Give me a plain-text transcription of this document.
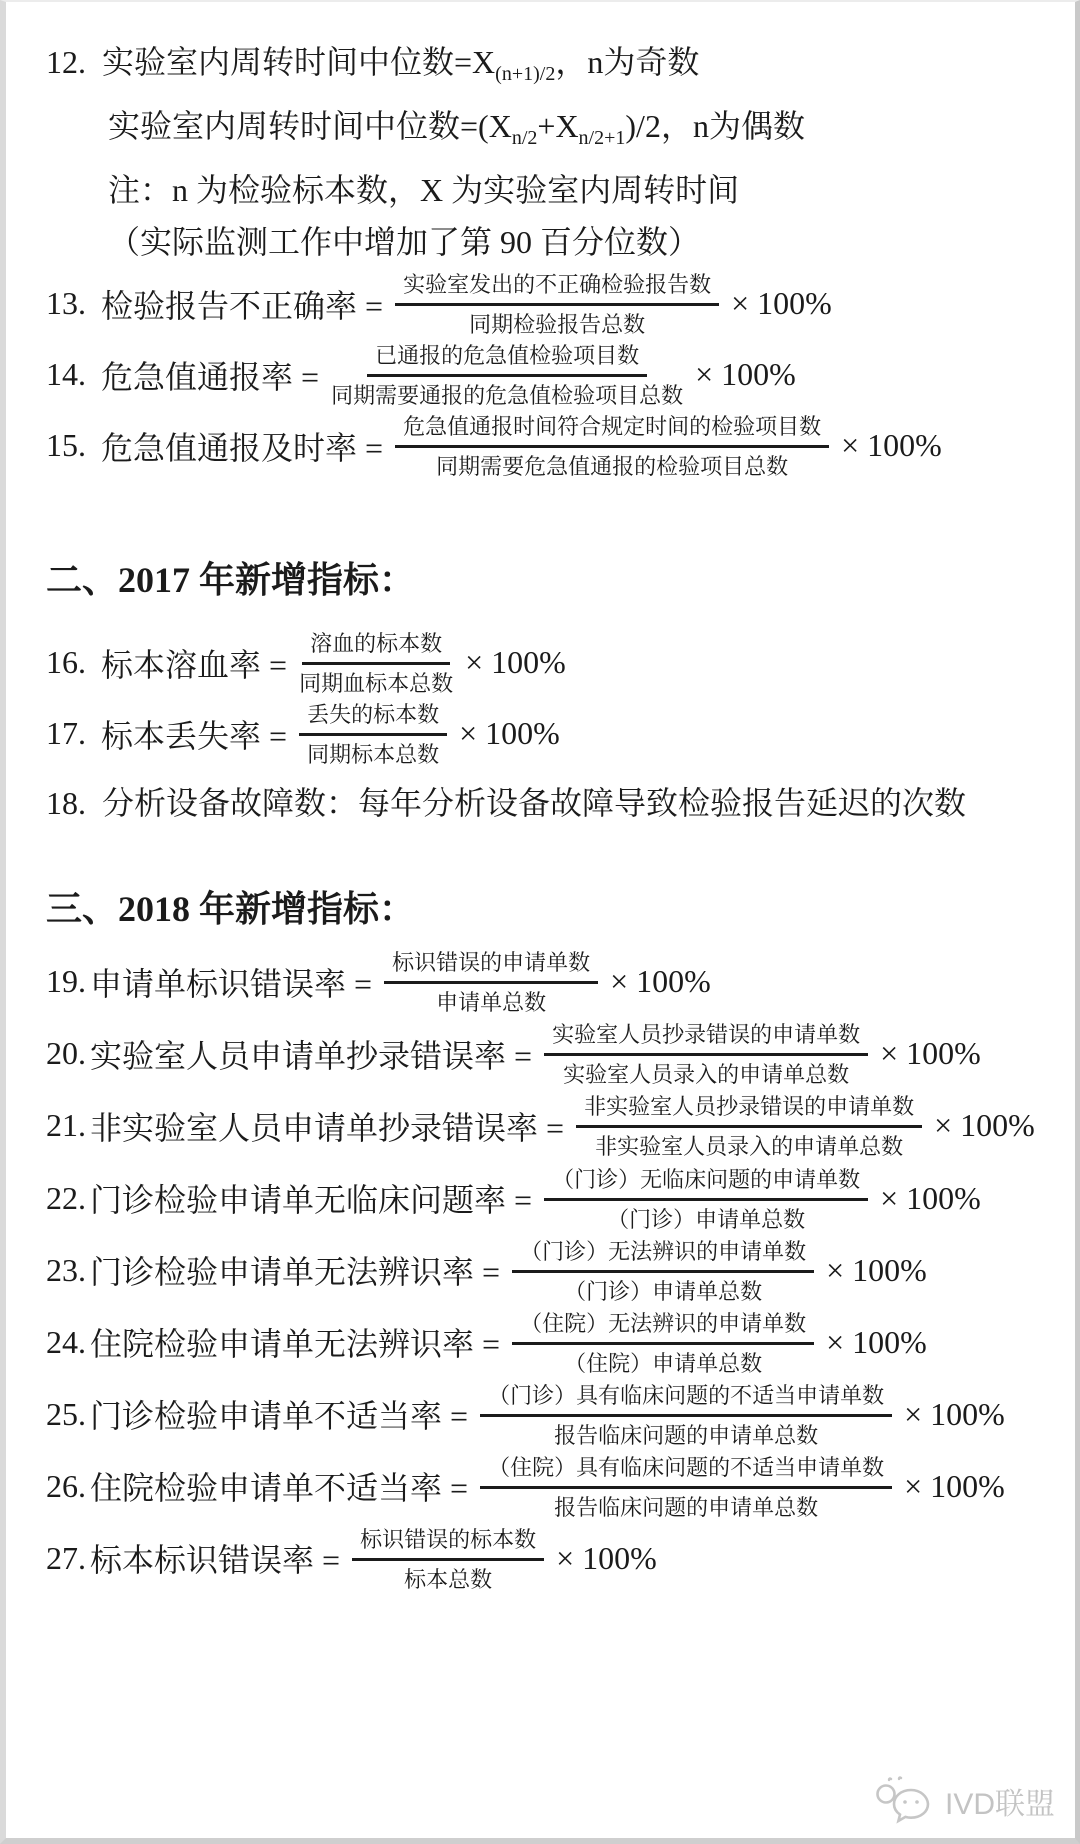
12. 实验室内周转时间中位数$=X_{(n+1)/2}$，n为奇数
实验室内周转时间中位数$=(X_{n/2}+X_{n/2+1})/2$，n为偶数
注：n 为检验标本数，X 为实验室内周转时间
（实际监测工作中增加了第 90 百分位数）
13. 检验报告不正确率 = $\frac{\text{实验室发出的不正确检验报告数}}{\text{同期检验报告总数}} \times 100\%$
14. 危急值通报率 = $\frac{\text{已通报的危急值检验项目数}}{\text{同期需要通报的危急值检验项目总数}} \times 100\%$
15. 危急值通报及时率 = $\frac{\text{危急值通报时间符合规定时间的检验项目数}}{\text{同期需要危急值通报的检验项目总数}} \times 100\%$
二、2017 年新增指标：
16. 标本溶血率 = $\frac{\text{溶血的标本数}}{\text{同期血标本总数}} \times 100\%$
17. 标本丢失率 = $\frac{\text{丢失的标本数}}{\text{同期标本总数}} \times 100\%$
18. 分析设备故障数：每年分析设备故障导致检验报告延迟的次数
三、2018 年新增指标：
19. 申请单标识错误率 = $\frac{\text{标识错误的申请单数}}{\text{申请单总数}} \times 100\%$
20. 实验室人员申请单抄录错误率 = $\frac{\text{实验室人员抄录错误的申请单数}}{\text{实验室人员录入的申请单总数}} \times 100\%$
21. 非实验室人员申请单抄录错误率 = $\frac{\text{非实验室人员抄录错误的申请单数}}{\text{非实验室人员录入的申请单总数}} \times 100\%$
22. 门诊检验申请单无临床问题率 = $\frac{\text{（门诊）无临床问题的申请单数}}{\text{（门诊）申请单总数}} \times 100\%$
23. 门诊检验申请单无法辨识率 = $\frac{\text{（门诊）无法辨识的申请单数}}{\text{（门诊）申请单总数}} \times 100\%$
24. 住院检验申请单无法辨识率 = $\frac{\text{（住院）无法辨识的申请单数}}{\text{（住院）申请单总数}} \times 100\%$
25. 门诊检验申请单不适当率 = $\frac{\text{（门诊）具有临床问题的不适当申请单数}}{\text{报告临床问题的申请单总数}} \times 100\%$
26. 住院检验申请单不适当率 = $\frac{\text{（住院）具有临床问题的不适当申请单数}}{\text{报告临床问题的申请单总数}} \times 100\%$
27. 标本标识错误率 = $\frac{\text{标识错误的标本数}}{\text{标本总数}} \times 100\%$
IVD联盟
